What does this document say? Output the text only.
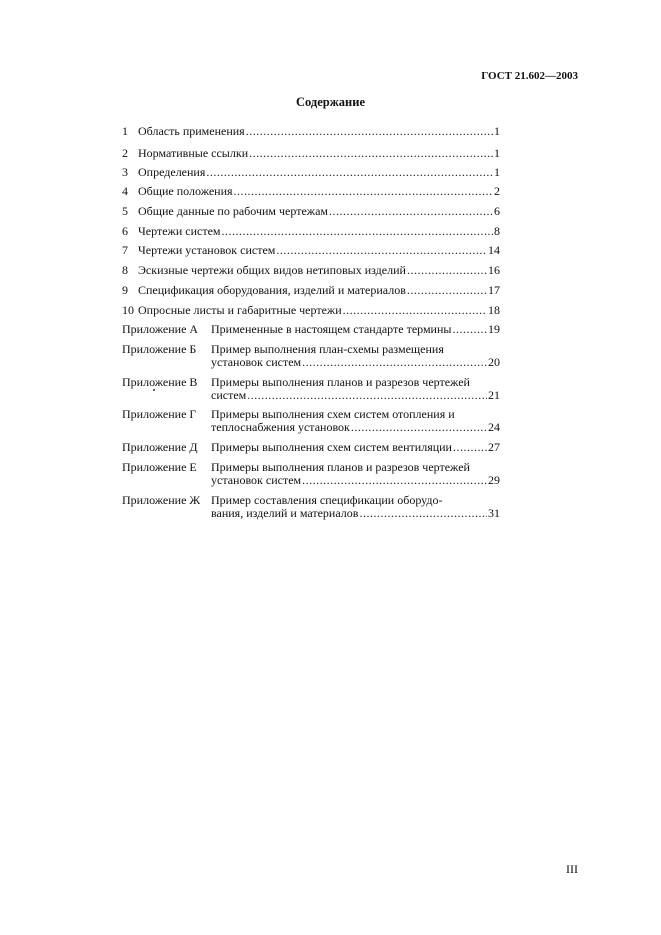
ГОСТ 21.602—2003
Содержание
1 Область применения .....	1
2 Нормативные ссылки .....	1
3 Определения .....	1
4 Общие положения .....	2
5 Общие данные по рабочим чертежам .....	6
6 Чертежи систем .....	8
7 Чертежи установок систем .....	14
8 Эскизные чертежи общих видов нетиповых изделий .....	16
9 Спецификация оборудования, изделий и материалов .....	17
10 Опросные листы и габаритные чертежи .....	18
Приложение А Примененные в настоящем стандарте термины .....	19
Приложение Б Пример выполнения план-схемы размещения
установок систем .....	20
Приложение В Примеры выполнения планов и разрезов чертежей
систем .....	21
Приложение Г Примеры выполнения схем систем отопления и
теплоснабжения установок .....	24
Приложение Д Примеры выполнения схем систем вентиляции .....	27
Приложение Е Примеры выполнения планов и разрезов чертежей
установок систем .....	29
Приложение Ж Пример составления спецификации оборудо-
вания, изделий и материалов .....	31
III
